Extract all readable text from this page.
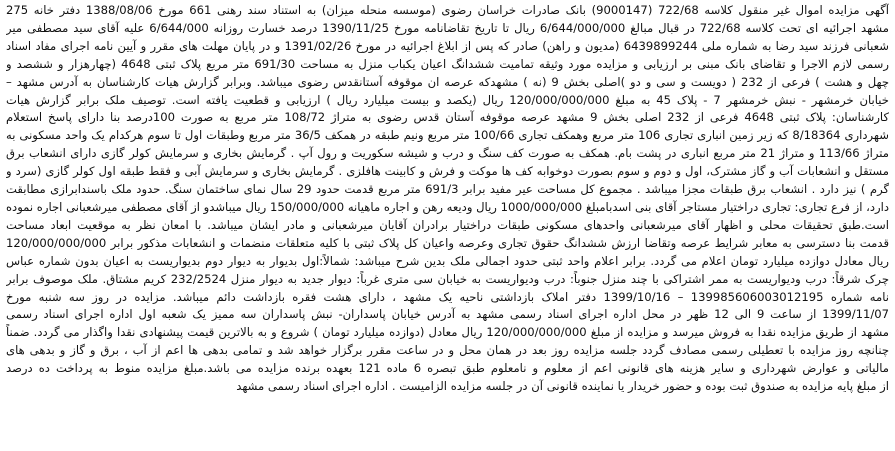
آگهی مزایده اموال غیر منقول کلاسه 722/68 (9000147) بانک صادرات خراسان رضوی (موسسه منحله میزان) به استناد سند رهنی 661 مورخ 1388/08/06 دفتر خانه 275
مشهد اجرائیه ای تحت کلاسه 722/68 در قبال مبالغ 6/644/000/000 ریال تا تاریخ تقاضانامه مورخ 1390/11/25 درصد خسارت روزانه 6/644/000 علیه آقای سید مصطفی میر
شعبانی فرزند سید رضا به شماره ملی 6439899244 (مدیون و راهن) صادر که پس از ابلاغ اجرائیه در مورخ 1391/02/26 و در پایان مهلت های مقرر و آیین نامه اجرای مفاد اسناد
رسمی لازم الاجرا و تقاضای بانک مبنی بر ارزیابی و مزایده مورد وثیقه تمامیت ششدانگ اعیان یکباب منزل به مساحت 691/30 متر مربع پلاک ثبتی 4648 (چهارهزار و ششصد و
چهل و هشت ) فرعی از 232 ( دویست و سی و دو )اصلی بخش 9 (نه ) مشهدکه عرصه ان موقوفه آستانقدس رضوی میباشد. وبرابر گزارش هیات کارشناسان به آدرس مشهد –
خیابان خرمشهر - نبش خرمشهر 7 - پلاک 45 به مبلغ 120/000/000/000 ریال (یکصد و بیست میلیارد ریال ) ارزیابی و قطعیت یافته است. توصیف ملک برابر گزارش هیات
کارشناسان: پلاک ثبتی 4648 فرعی از 232 اصلی بخش 9 مشهد عرصه موقوفه آستان قدس رضوی به متراژ 108/72 متر مربع به صورت 100درصد بنا دارای پاسخ استعلام
شهرداری 8/18364 که زیر زمین انباری تجاری 106 متر مربع وهمکف تجاری 100/66 متر مربع ونیم طبقه در همکف 36/5 متر مربع وطبقات اول تا سوم هرکدام یک واحد مسکونی به
متراژ 113/66 و متراژ 21 متر مربع انباری در پشت بام. همکف به صورت کف سنگ و درب و شیشه سکوریت و رول آپ . گرمایش بخاری و سرمایش کولر گازی دارای انشعاب برق
مستقل و انشعابات آب و گاز مشترک، اول و دوم و سوم بصورت دوخوابه کف ها موکت و فرش و کابینت هافلزی . گرمایش بخاری و سرمایش آبی و فقط طبقه اول کولر گازی (سرد و
گرم ) نیز دارد . انشعاب برق طبقات مجزا میباشد . مجموع کل مساحت عیر مفید برابر 691/3 متر مربع قدمت حدود 29 سال نمای ساختمان سنگ. حدود ملک باسندابرازی مطابقت
دارد، از فرع تجاری: تجاری دراختیار مستاجر آقای بنی اسدبامبلغ 1000/000/000 ریال ودیعه رهن و اجاره ماهیانه 150/000/000 ریال میباشدو از آقای مصطفی میرشعبانی اجاره نموده
است.طبق تحقیقات محلی و اظهار آقای میرشعبانی واحدهای مسکونی طبقات دراختیار برادران آقایان میرشعبانی و مادر ایشان میباشد. با امعان نظر به موقعیت ابعاد مساحت
قدمت بنا دسترسی به معابر شرایط عرصه وتقاضا ارزش ششدانگ حقوق تجاری وعرصه واعیان کل پلاک ثبتی با کلیه متعلقات منضمات و انشعابات مذکور برابر 120/000/000/000
ریال معادل دوازده میلیارد تومان اعلام می گردد. برابر اعلام واحد ثبتی حدود اجمالی ملک بدین شرح میباشد: شمالاً:اول بدیوار به دیوار دوم بدیواریست به اعیان بدون شماره عباس
چرک شرقاً: درب ودیواریست به ممر اشتراکی با چند منزل جنوباً: درب ودیواریست به خیابان سی متری غرباً: دیوار جدید به دیوار منزل 232/2524 کریم مشتاق. ملک موصوف برابر
نامه شماره 139985606003012195 – 1399/10/16 دفتر املاک بازداشتی ناحیه یک مشهد ، دارای هشت فقره بازداشت دائم میباشد. مزایده در روز سه شنبه مورخ
1399/11/07 از ساعت 9 الی 12 ظهر در محل اداره اجرای اسناد رسمی مشهد به آدرس خیابان پاسداران- نبش پاسداران سه ممیز یک شعبه اول اداره اجرای اسناد رسمی
مشهد از طریق مزایده نقدا به فروش میرسد و مزایده از مبلغ 120/000/000/000 ریال معادل (دوازده میلیارد تومان ) شروع و به بالاترین قیمت پیشنهادی نقدا واگذار می گردد. ضمناً
چنانچه روز مزایده با تعطیلی رسمی مصادف گردد جلسه مزایده روز بعد در همان محل و در ساعت مقرر برگزار خواهد شد و تمامی بدهی ها اعم از آب ، برق و گاز و بدهی های
مالیاتی و عوارض شهرداری و سایر هزینه های قانونی اعم از معلوم و نامعلوم طبق تبصره 6 ماده 121 بعهده برنده مزایده می باشد.مبلغ مزایده منوط به پرداخت ده درصد
از مبلغ پایه مزایده به صندوق ثبت بوده و حضور خریدار یا نماینده قانونی آن در جلسه مزایده الزامیست . اداره اجرای اسناد رسمی مشهد
